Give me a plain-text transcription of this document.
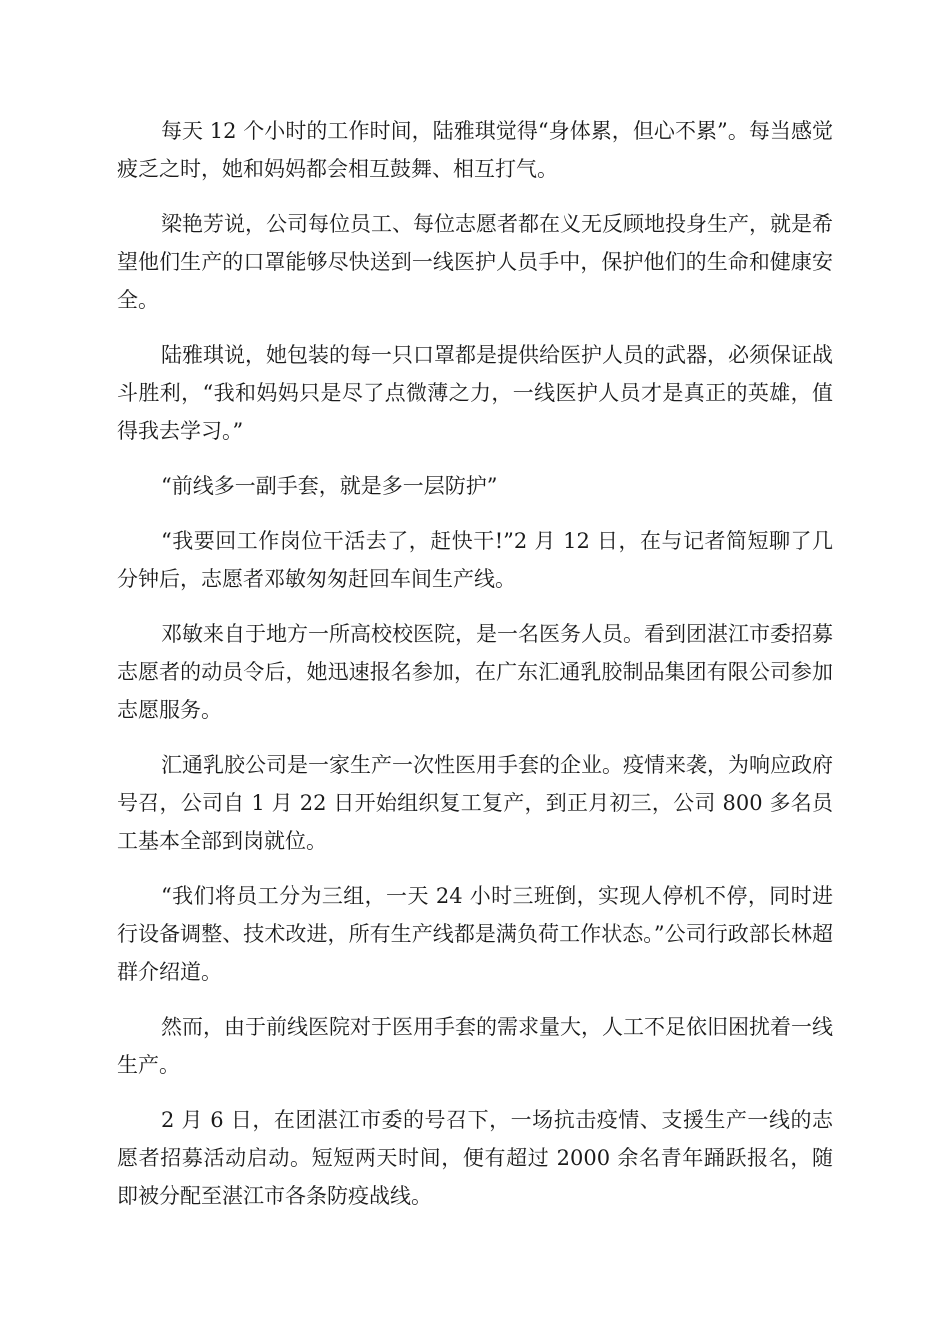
每天 12 个小时的工作时间，陆雅琪觉得“身体累，但心不累”。每当感觉疲乏之时，她和妈妈都会相互鼓舞、相互打气。

梁艳芳说，公司每位员工、每位志愿者都在义无反顾地投身生产，就是希望他们生产的口罩能够尽快送到一线医护人员手中，保护他们的生命和健康安全。

陆雅琪说，她包装的每一只口罩都是提供给医护人员的武器，必须保证战斗胜利，“我和妈妈只是尽了点微薄之力，一线医护人员才是真正的英雄，值得我去学习。”

“前线多一副手套，就是多一层防护”

“我要回工作岗位干活去了，赶快干!”2 月 12 日，在与记者简短聊了几分钟后，志愿者邓敏匆匆赶回车间生产线。

邓敏来自于地方一所高校校医院，是一名医务人员。看到团湛江市委招募志愿者的动员令后，她迅速报名参加，在广东汇通乳胶制品集团有限公司参加志愿服务。

汇通乳胶公司是一家生产一次性医用手套的企业。疫情来袭，为响应政府号召，公司自 1 月 22 日开始组织复工复产，到正月初三，公司 800 多名员工基本全部到岗就位。

“我们将员工分为三组，一天 24 小时三班倒，实现人停机不停，同时进行设备调整、技术改进，所有生产线都是满负荷工作状态。”公司行政部长林超群介绍道。

然而，由于前线医院对于医用手套的需求量大，人工不足依旧困扰着一线生产。

2 月 6 日，在团湛江市委的号召下，一场抗击疫情、支援生产一线的志愿者招募活动启动。短短两天时间，便有超过 2000 余名青年踊跃报名，随即被分配至湛江市各条防疫战线。
